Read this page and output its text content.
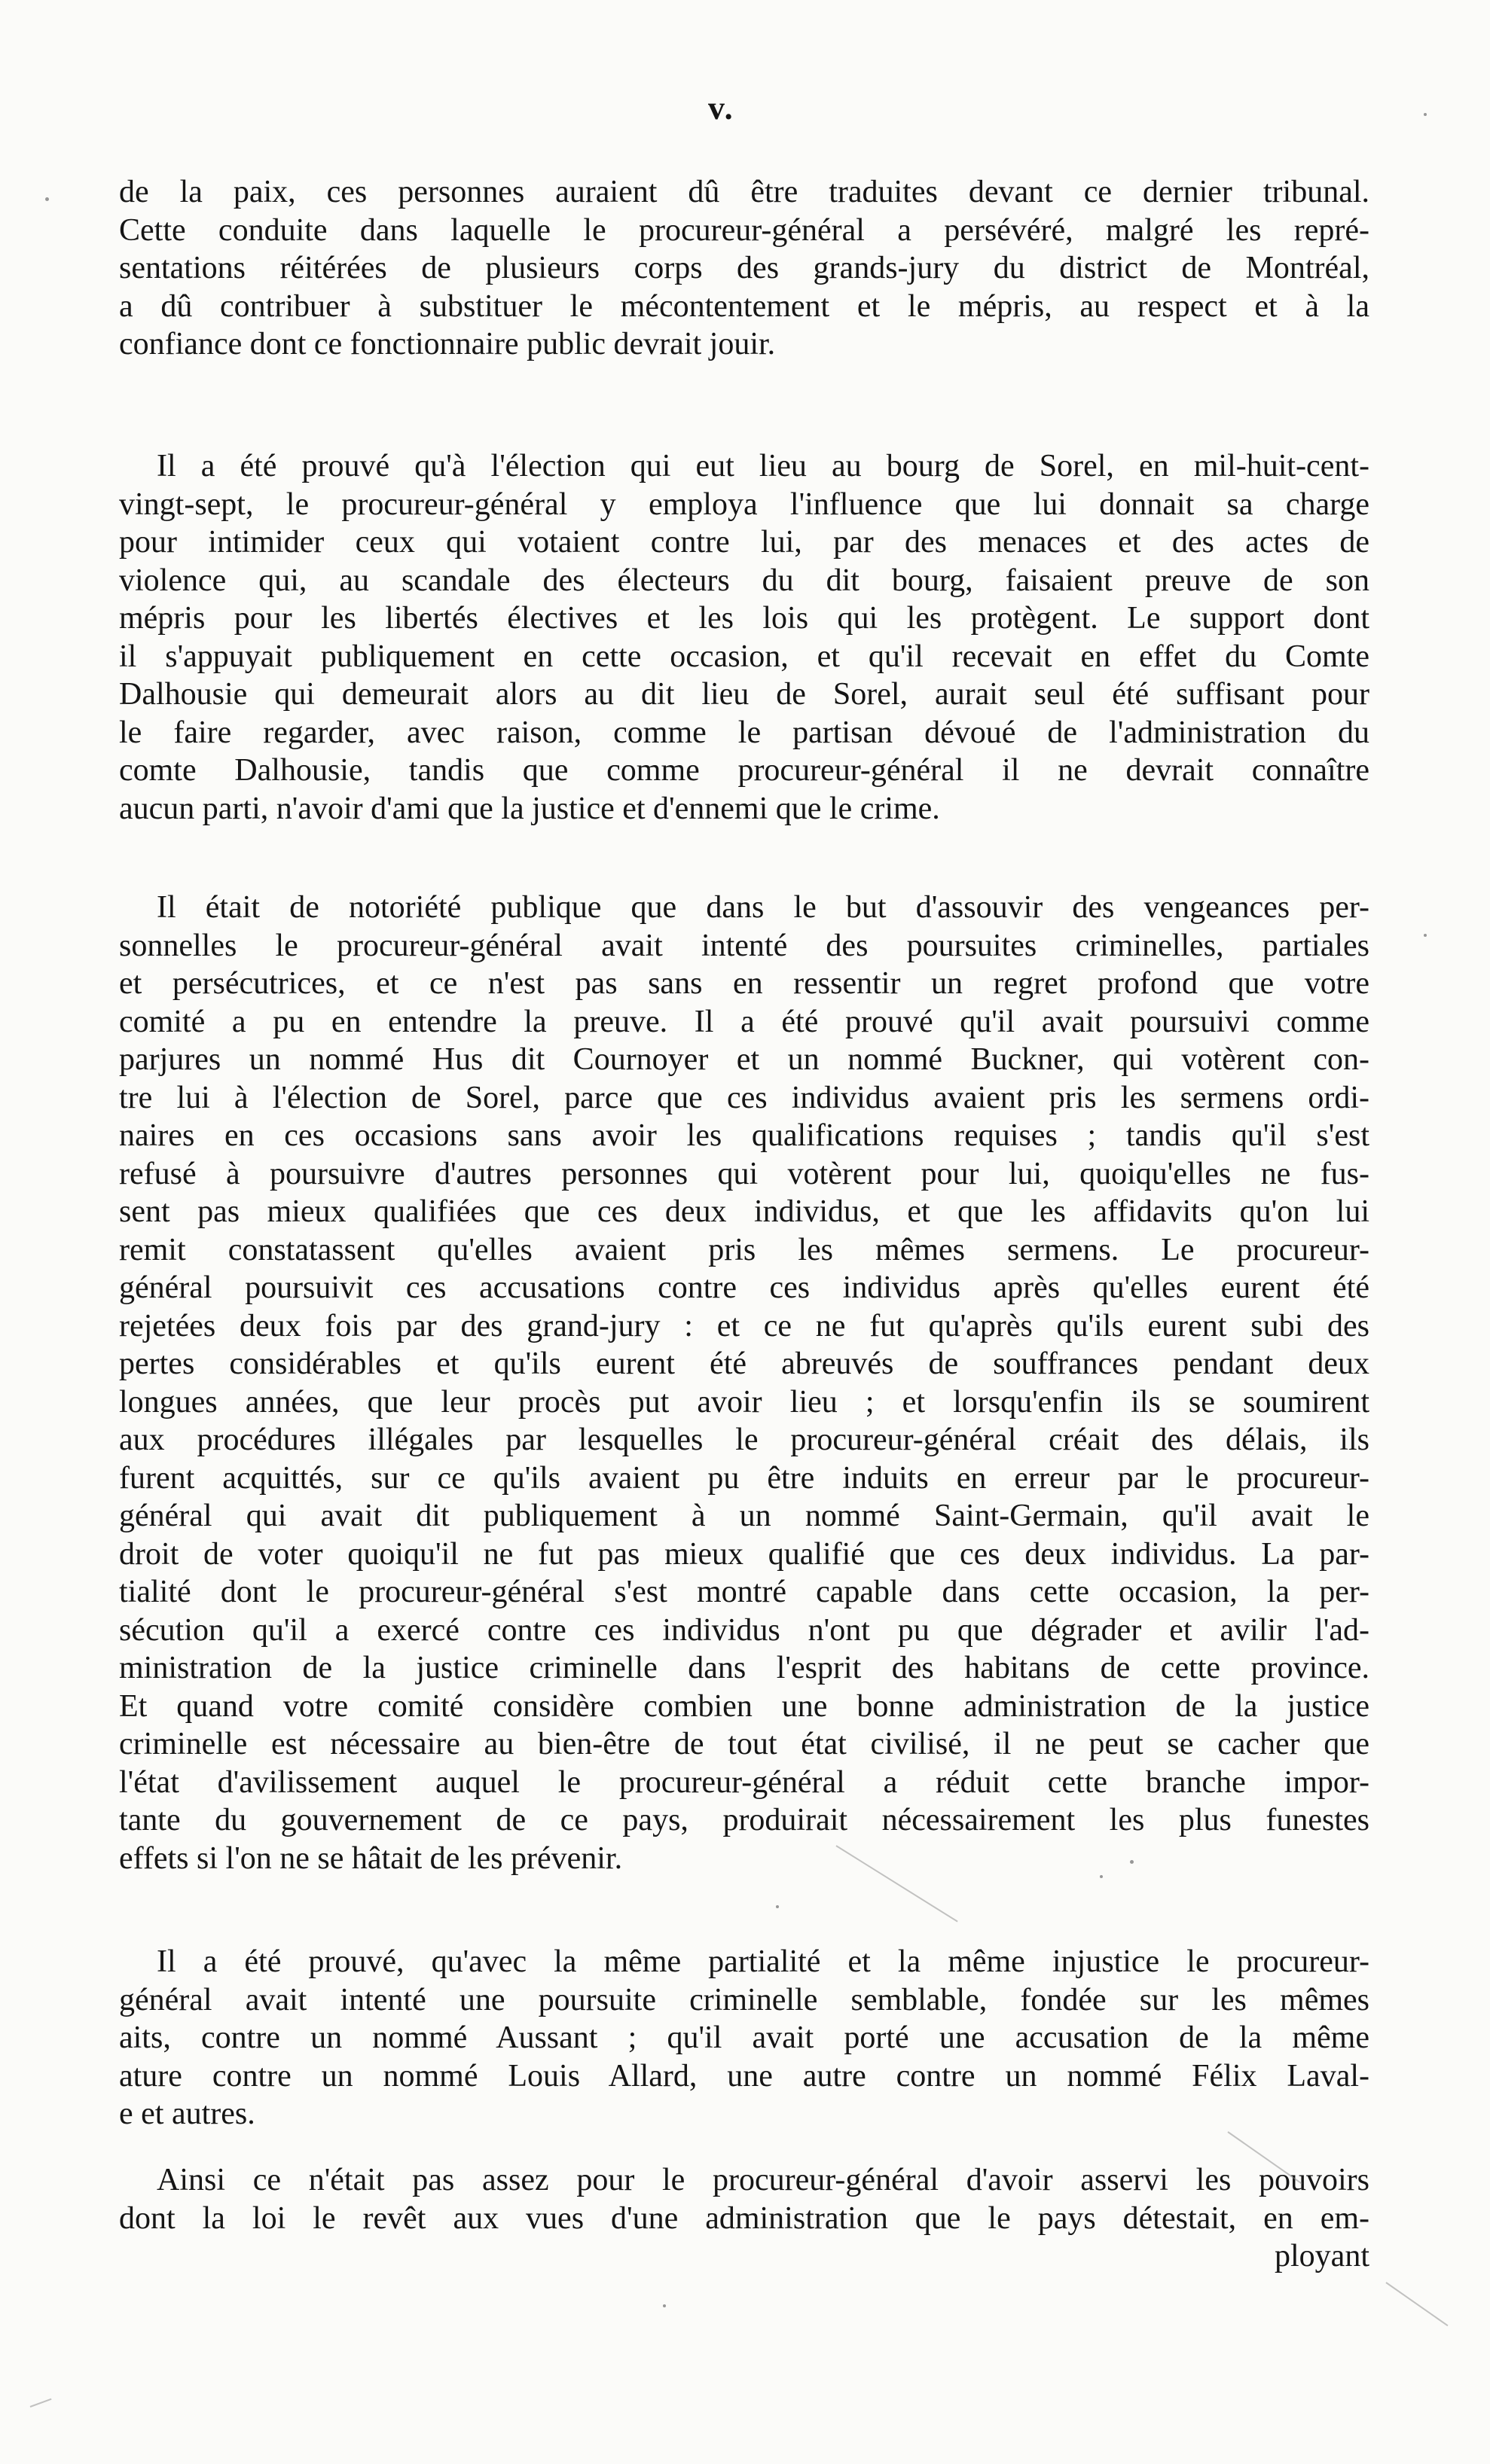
v.

de la paix, ces personnes auraient dû être traduites devant ce dernier tribunal.
Cette conduite dans laquelle le procureur-général a persévéré, malgré les repré-
sentations réitérées de plusieurs corps des grands-jury du district de Montréal,
a dû contribuer à substituer le mécontentement et le mépris, au respect et à la
confiance dont ce fonctionnaire public devrait jouir.

Il a été prouvé qu'à l'élection qui eut lieu au bourg de Sorel, en mil-huit-cent-
vingt-sept, le procureur-général y employa l'influence que lui donnait sa charge
pour intimider ceux qui votaient contre lui, par des menaces et des actes de
violence qui, au scandale des électeurs du dit bourg, faisaient preuve de son
mépris pour les libertés électives et les lois qui les protègent. Le support dont
il s'appuyait publiquement en cette occasion, et qu'il recevait en effet du Comte
Dalhousie qui demeurait alors au dit lieu de Sorel, aurait seul été suffisant pour
le faire regarder, avec raison, comme le partisan dévoué de l'administration du
comte Dalhousie, tandis que comme procureur-général il ne devrait connaître
aucun parti, n'avoir d'ami que la justice et d'ennemi que le crime.

Il était de notoriété publique que dans le but d'assouvir des vengeances per-
sonnelles le procureur-général avait intenté des poursuites criminelles, partiales
et persécutrices, et ce n'est pas sans en ressentir un regret profond que votre
comité a pu en entendre la preuve. Il a été prouvé qu'il avait poursuivi comme
parjures un nommé Hus dit Cournoyer et un nommé Buckner, qui votèrent con-
tre lui à l'élection de Sorel, parce que ces individus avaient pris les sermens ordi-
naires en ces occasions sans avoir les qualifications requises ; tandis qu'il s'est
refusé à poursuivre d'autres personnes qui votèrent pour lui, quoiqu'elles ne fus-
sent pas mieux qualifiées que ces deux individus, et que les affidavits qu'on lui
remit constatassent qu'elles avaient pris les mêmes sermens. Le procureur-
général poursuivit ces accusations contre ces individus après qu'elles eurent été
rejetées deux fois par des grand-jury : et ce ne fut qu'après qu'ils eurent subi des
pertes considérables et qu'ils eurent été abreuvés de souffrances pendant deux
longues années, que leur procès put avoir lieu ; et lorsqu'enfin ils se soumirent
aux procédures illégales par lesquelles le procureur-général créait des délais, ils
furent acquittés, sur ce qu'ils avaient pu être induits en erreur par le procureur-
général qui avait dit publiquement à un nommé Saint-Germain, qu'il avait le
droit de voter quoiqu'il ne fut pas mieux qualifié que ces deux individus. La par-
tialité dont le procureur-général s'est montré capable dans cette occasion, la per-
sécution qu'il a exercé contre ces individus n'ont pu que dégrader et avilir l'ad-
ministration de la justice criminelle dans l'esprit des habitans de cette province.
Et quand votre comité considère combien une bonne administration de la justice
criminelle est nécessaire au bien-être de tout état civilisé, il ne peut se cacher que
l'état d'avilissement auquel le procureur-général a réduit cette branche impor-
tante du gouvernement de ce pays, produirait nécessairement les plus funestes
effets si l'on ne se hâtait de les prévenir.

Il a été prouvé, qu'avec la même partialité et la même injustice le procureur-
général avait intenté une poursuite criminelle semblable, fondée sur les mêmes
aits, contre un nommé Aussant ; qu'il avait porté une accusation de la même
ature contre un nommé Louis Allard, une autre contre un nommé Félix Laval-
e et autres.

Ainsi ce n'était pas assez pour le procureur-général d'avoir asservi les pouvoirs
dont la loi le revêt aux vues d'une administration que le pays détestait, en em-
ployant
